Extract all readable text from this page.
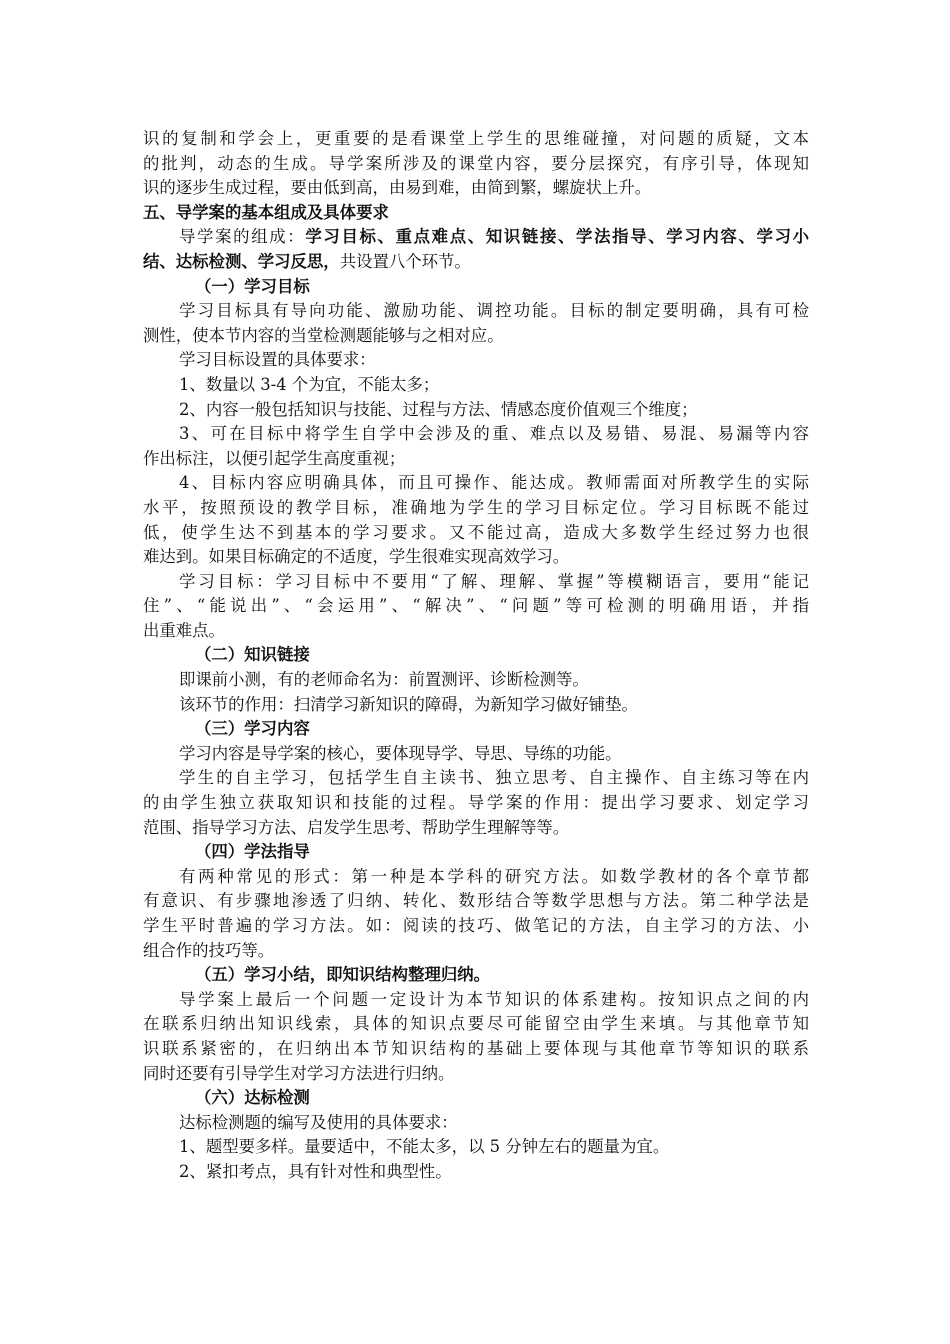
识的复制和学会上，更重要的是看课堂上学生的思维碰撞，对问题的质疑，文本
的批判，动态的生成。导学案所涉及的课堂内容，要分层探究，有序引导，体现知
识的逐步生成过程，要由低到高，由易到难，由简到繁，螺旋状上升。
五、导学案的基本组成及具体要求
导学案的组成：学习目标、重点难点、知识链接、学法指导、学习内容、学习小
结、达标检测、学习反思，共设置八个环节。
（一）学习目标
学习目标具有导向功能、激励功能、调控功能。目标的制定要明确，具有可检
测性，使本节内容的当堂检测题能够与之相对应。
学习目标设置的具体要求：
1、数量以 3-4 个为宜，不能太多；
2、内容一般包括知识与技能、过程与方法、情感态度价值观三个维度；
3、可在目标中将学生自学中会涉及的重、难点以及易错、易混、易漏等内容
作出标注，以便引起学生高度重视；
4、目标内容应明确具体，而且可操作、能达成。教师需面对所教学生的实际
水平，按照预设的教学目标，准确地为学生的学习目标定位。学习目标既不能过
低，使学生达不到基本的学习要求。又不能过高，造成大多数学生经过努力也很
难达到。如果目标确定的不适度，学生很难实现高效学习。
学习目标：学习目标中不要用“了解、理解、掌握”等模糊语言，要用“能记
住”、“能说出”、“会运用”、“解决”、“问题”等可检测的明确用语，并指
出重难点。
（二）知识链接
即课前小测，有的老师命名为：前置测评、诊断检测等。
该环节的作用：扫清学习新知识的障碍，为新知学习做好铺垫。
（三）学习内容
学习内容是导学案的核心，要体现导学、导思、导练的功能。
学生的自主学习，包括学生自主读书、独立思考、自主操作、自主练习等在内
的由学生独立获取知识和技能的过程。导学案的作用：提出学习要求、划定学习
范围、指导学习方法、启发学生思考、帮助学生理解等等。
（四）学法指导
有两种常见的形式：第一种是本学科的研究方法。如数学教材的各个章节都
有意识、有步骤地渗透了归纳、转化、数形结合等数学思想与方法。第二种学法是
学生平时普遍的学习方法。如：阅读的技巧、做笔记的方法，自主学习的方法、小
组合作的技巧等。
（五）学习小结，即知识结构整理归纳。
导学案上最后一个问题一定设计为本节知识的体系建构。按知识点之间的内
在联系归纳出知识线索，具体的知识点要尽可能留空由学生来填。与其他章节知
识联系紧密的，在归纳出本节知识结构的基础上要体现与其他章节等知识的联系
同时还要有引导学生对学习方法进行归纳。
（六）达标检测
达标检测题的编写及使用的具体要求：
1、题型要多样。量要适中，不能太多，以 5 分钟左右的题量为宜。
2、紧扣考点，具有针对性和典型性。
